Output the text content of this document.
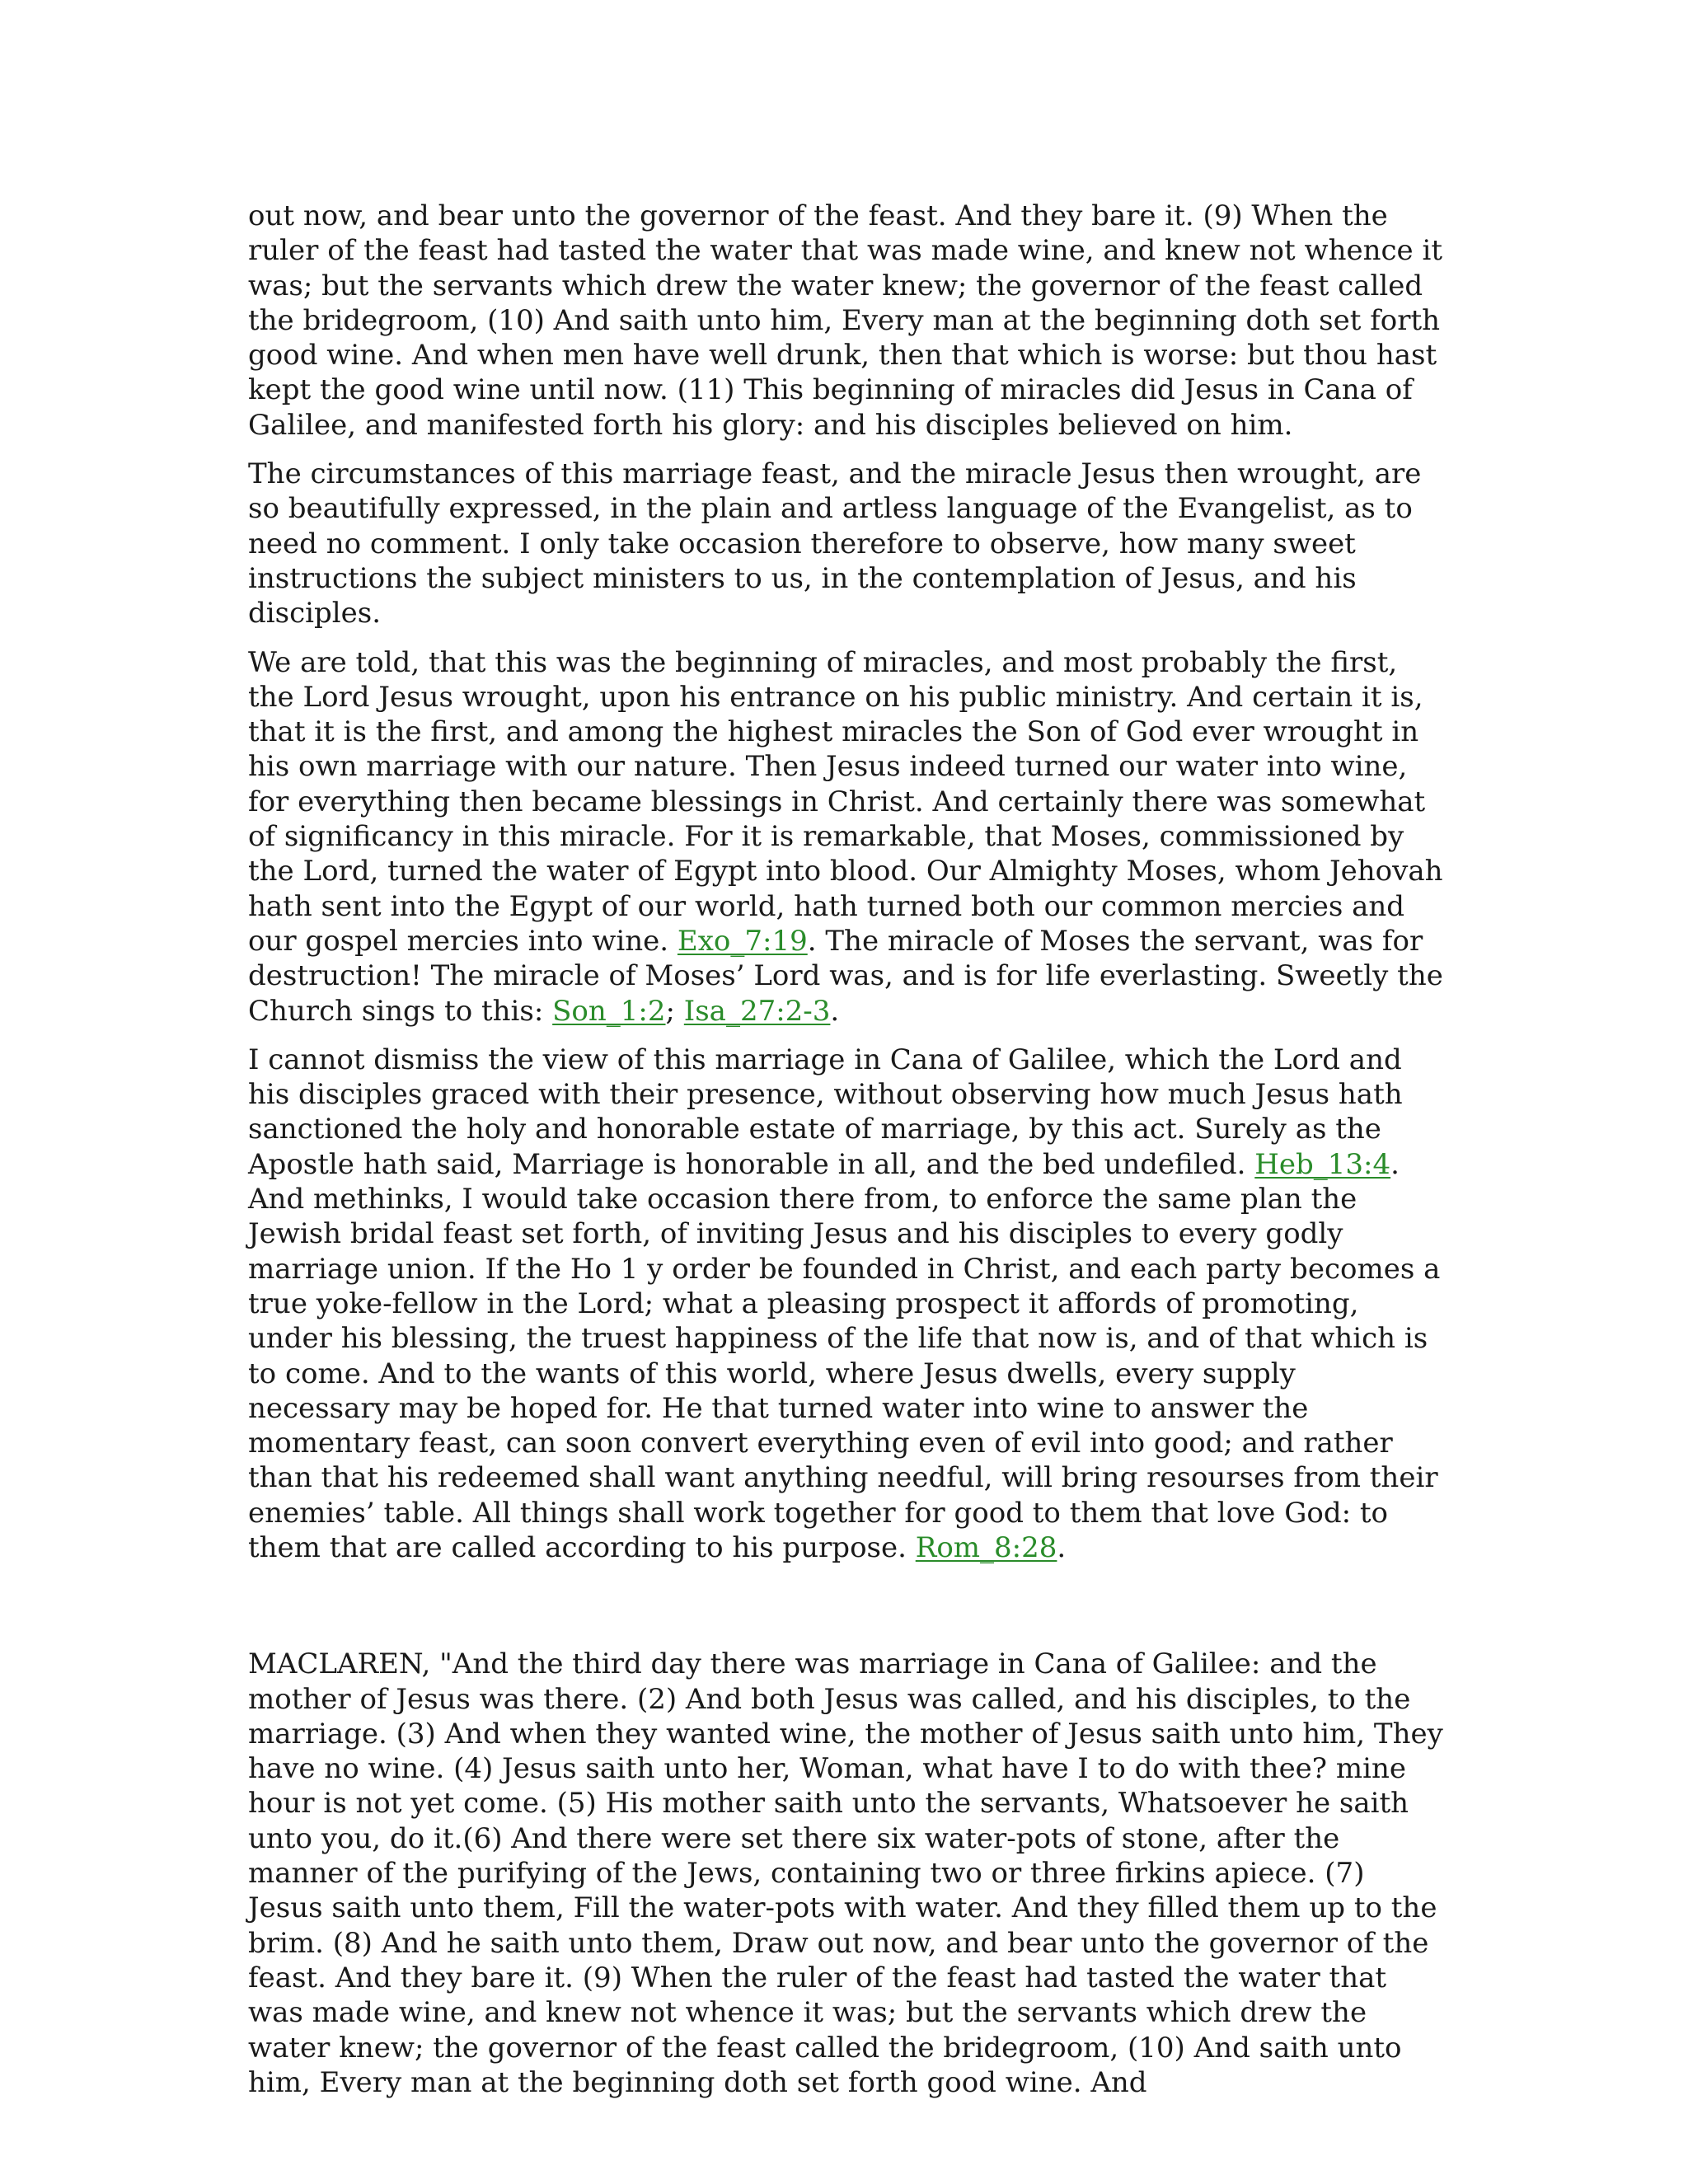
out now, and bear unto the governor of the feast. And they bare it. (9) When the ruler of the feast had tasted the water that was made wine, and knew not whence it was; but the servants which drew the water knew; the governor of the feast called the bridegroom, (10) And saith unto him, Every man at the beginning doth set forth good wine. And when men have well drunk, then that which is worse: but thou hast kept the good wine until now. (11) This beginning of miracles did Jesus in Cana of Galilee, and manifested forth his glory: and his disciples believed on him.

The circumstances of this marriage feast, and the miracle Jesus then wrought, are so beautifully expressed, in the plain and artless language of the Evangelist, as to need no comment. I only take occasion therefore to observe, how many sweet instructions the subject ministers to us, in the contemplation of Jesus, and his disciples.

We are told, that this was the beginning of miracles, and most probably the first, the Lord Jesus wrought, upon his entrance on his public ministry. And certain it is, that it is the first, and among the highest miracles the Son of God ever wrought in his own marriage with our nature. Then Jesus indeed turned our water into wine, for everything then became blessings in Christ. And certainly there was somewhat of significancy in this miracle. For it is remarkable, that Moses, commissioned by the Lord, turned the water of Egypt into blood. Our Almighty Moses, whom Jehovah hath sent into the Egypt of our world, hath turned both our common mercies and our gospel mercies into wine. Exo_7:19. The miracle of Moses the servant, was for destruction! The miracle of Moses’ Lord was, and is for life everlasting. Sweetly the Church sings to this: Son_1:2; Isa_27:2-3.

I cannot dismiss the view of this marriage in Cana of Galilee, which the Lord and his disciples graced with their presence, without observing how much Jesus hath sanctioned the holy and honorable estate of marriage, by this act. Surely as the Apostle hath said, Marriage is honorable in all, and the bed undefiled. Heb_13:4. And methinks, I would take occasion there from, to enforce the same plan the Jewish bridal feast set forth, of inviting Jesus and his disciples to every godly marriage union. If the Ho 1 y order be founded in Christ, and each party becomes a true yoke-fellow in the Lord; what a pleasing prospect it affords of promoting, under his blessing, the truest happiness of the life that now is, and of that which is to come. And to the wants of this world, where Jesus dwells, every supply necessary may be hoped for. He that turned water into wine to answer the momentary feast, can soon convert everything even of evil into good; and rather than that his redeemed shall want anything needful, will bring resourses from their enemies’ table. All things shall work together for good to them that love God: to them that are called according to his purpose. Rom_8:28.

MACLAREN, "And the third day there was marriage in Cana of Galilee: and the mother of Jesus was there. (2) And both Jesus was called, and his disciples, to the marriage. (3) And when they wanted wine, the mother of Jesus saith unto him, They have no wine. (4) Jesus saith unto her, Woman, what have I to do with thee? mine hour is not yet come. (5) His mother saith unto the servants, Whatsoever he saith unto you, do it.(6) And there were set there six water-pots of stone, after the manner of the purifying of the Jews, containing two or three firkins apiece. (7) Jesus saith unto them, Fill the water-pots with water. And they filled them up to the brim. (8) And he saith unto them, Draw out now, and bear unto the governor of the feast. And they bare it. (9) When the ruler of the feast had tasted the water that was made wine, and knew not whence it was; but the servants which drew the water knew; the governor of the feast called the bridegroom, (10) And saith unto him, Every man at the beginning doth set forth good wine. And
